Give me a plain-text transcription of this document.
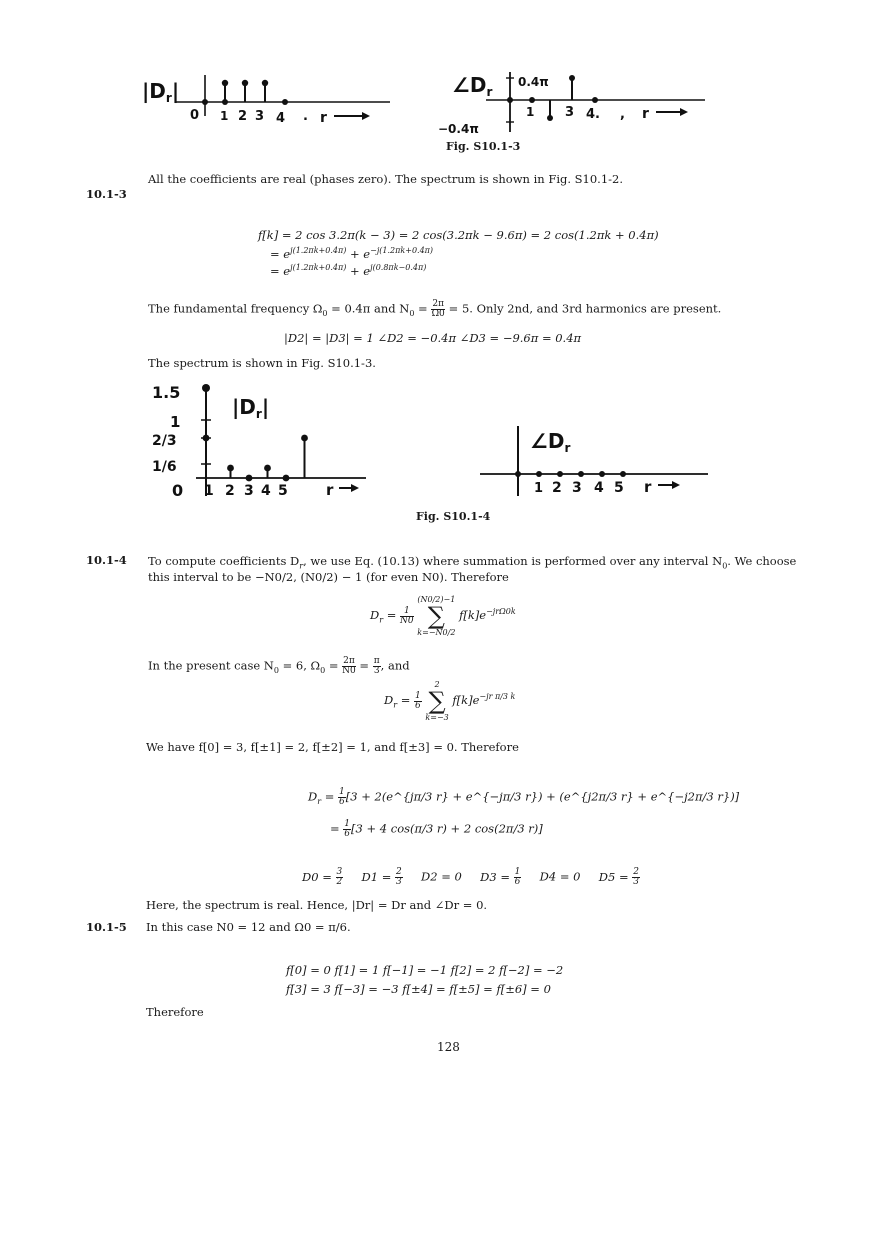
$|D_r|$
0 1 2 3 4 . r
$\angle D_r$
0.4π
−0.4π
1 3 4. , r
Fig. S10.1-3
All the coefficients are real (phases zero). The spectrum is shown in Fig. S10.1-2.
10.1-3
f[k] = 2 cos 3.2π(k − 3) = 2 cos(3.2πk − 9.6π) = 2 cos(1.2πk + 0.4π)
= $e^{j(1.2\pi k+0.4\pi)} + e^{-j(1.2\pi k+0.4\pi)}$
= $e^{j(1.2\pi k+0.4\pi)} + e^{j(0.8\pi k-0.4\pi)}$
The fundamental frequency $\Omega_0 = 0.4\pi$ and $N_0 = \frac{2\pi}{\Omega 0} = 5$. Only 2nd, and 3rd harmonics are present.
|D2| = |D3| = 1 ∠D2 = −0.4π ∠D3 = −9.6π = 0.4π
The spectrum is shown in Fig. S10.1-3.
1.5
1
2/3
1/6
$|D_r|$
0 1 2 3 4 5	r
$\angle D_r$
1 2 3 4 5 r
Fig. S10.1-4
10.1-4 To compute coefficients $D_r$, we use Eq. (10.13) where summation is performed over any interval $N_0$. We choose
this interval to be −N0/2, (N0/2) − 1 (for even N0). Therefore
$D_r = \frac{1}{N0}$

(N0/2)−1
∑
k=−N0/2
$f[k]e^{-jr\Omega 0k}$
In the present case $N_0 = 6$, $\Omega_0 = \frac{2\pi}{N0} = \frac{\pi}{3}$ , and
$D_r = \frac{1}{6}$

2
∑
k=−3
$f[k]e^{-jr \pi/3 k}$
We have f[0] = 3, f[±1] = 2, f[±2] = 1, and f[±3] = 0. Therefore
$D_r = \frac{1}{6} [3$ + 2(e^{jπ/3 r} + e^{−jπ/3 r}) + (e^{j2π/3 r} + e^{−j2π/3 r})]
= $\frac{1}{6} [3 + 4$ cos(π/3 r) + 2 cos(2π/3 r)]
$D0 = \frac{3}{2} D1 = \frac{2}{3} D2 = 0$ $D3 = \frac{1}{6} D4 = 0$ $D5 = \frac{2}{3}$
Here, the spectrum is real. Hence, |Dr| = Dr and ∠Dr = 0.
10.1-5 In this case N0 = 12 and Ω0 = π/6.
f[0] = 0 f[1] = 1 f[−1] = −1 f[2] = 2 f[−2] = −2
f[3] = 3 f[−3] = −3 f[±4] = f[±5] = f[±6] = 0
Therefore
128
